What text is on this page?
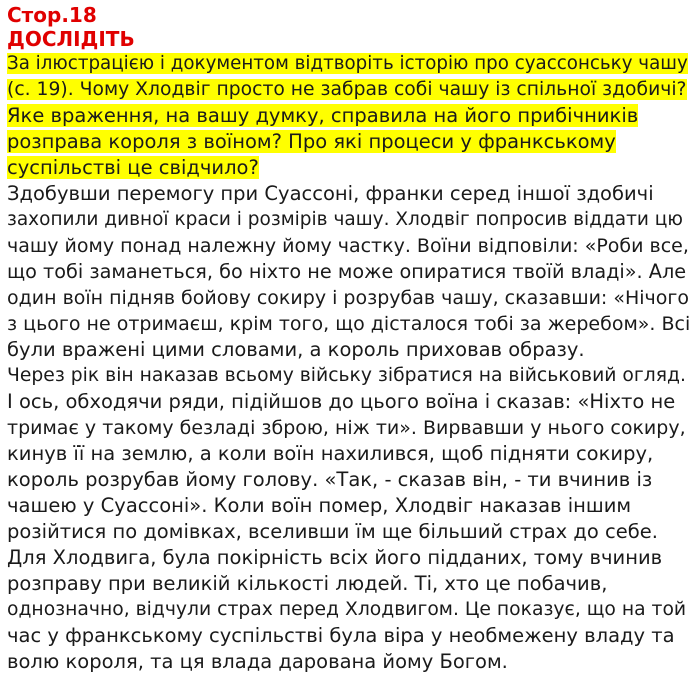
Стор.18
ДОСЛІДІТЬ
За ілюстрацією і документом відтворіть історію про суассонську чашу
(с. 19). Чому Хлодвіг просто не забрав собі чашу із спільної здобичі?
Яке враження, на вашу думку, справила на його прибічників
розправа короля з воїном? Про які процеси у франкському
суспільстві це свідчило?
Здобувши перемогу при Суассоні, франки серед іншої здобичі
захопили дивної краси і розмірів чашу. Хлодвіг попросив віддати цю
чашу йому понад належну йому частку. Воїни відповіли: «Роби все,
що тобі заманеться, бо ніхто не може опиратися твоїй владі». Але
один воїн підняв бойову сокиру і розрубав чашу, сказавши: «Нічого
з цього не отримаєш, крім того, що дісталося тобі за жеребом». Всі
були вражені цими словами, а король приховав образу.
Через рік він наказав всьому війську зібратися на військовий огляд.
І ось, обходячи ряди, підійшов до цього воїна і сказав: «Ніхто не
тримає у такому безладі зброю, ніж ти». Вирвавши у нього сокиру,
кинув її на землю, а коли воїн нахилився, щоб підняти сокиру,
король розрубав йому голову. «Так, - сказав він, - ти вчинив із
чашею у Суассоні». Коли воїн помер, Хлодвіг наказав іншим
розійтися по домівках, вселивши їм ще більший страх до себе.
Для Хлодвига, була покірність всіх його підданих, тому вчинив
розправу при великій кількості людей. Ті, хто це побачив,
однозначно, відчули страх перед Хлодвигом. Це показує, що на той
час у франкському суспільстві була віра у необмежену владу та
волю короля, та ця влада дарована йому Богом.
